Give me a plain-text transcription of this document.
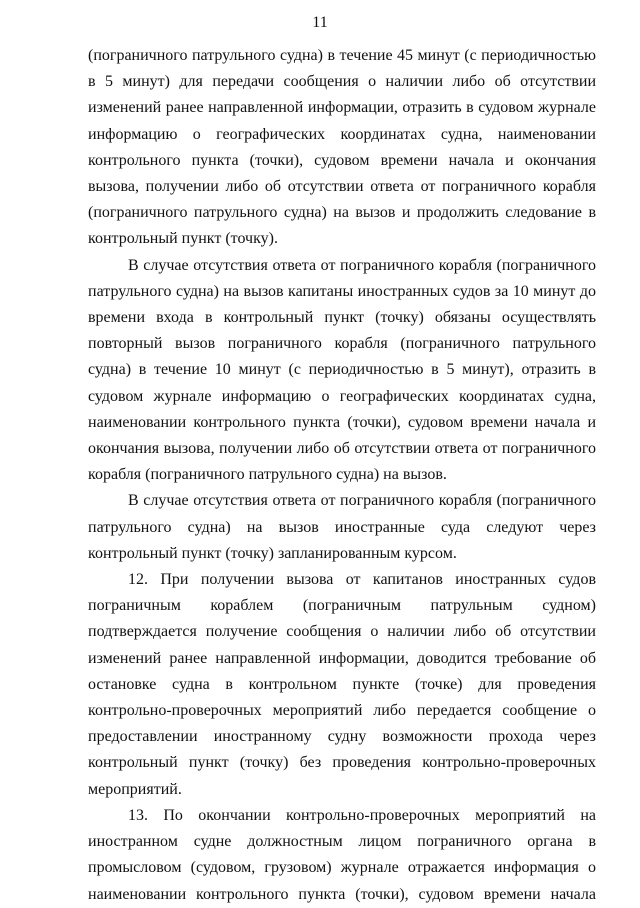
11

(пограничного патрульного судна) в течение 45 минут (с периодичностью в 5 минут) для передачи сообщения о наличии либо об отсутствии изменений ранее направленной информации, отразить в судовом журнале информацию о географических координатах судна, наименовании контрольного пункта (точки), судовом времени начала и окончания вызова, получении либо об отсутствии ответа от пограничного корабля (пограничного патрульного судна) на вызов и продолжить следование в контрольный пункт (точку).

В случае отсутствия ответа от пограничного корабля (пограничного патрульного судна) на вызов капитаны иностранных судов за 10 минут до времени входа в контрольный пункт (точку) обязаны осуществлять повторный вызов пограничного корабля (пограничного патрульного судна) в течение 10 минут (с периодичностью в 5 минут), отразить в судовом журнале информацию о географических координатах судна, наименовании контрольного пункта (точки), судовом времени начала и окончания вызова, получении либо об отсутствии ответа от пограничного корабля (пограничного патрульного судна) на вызов.

В случае отсутствия ответа от пограничного корабля (пограничного патрульного судна) на вызов иностранные суда следуют через контрольный пункт (точку) запланированным курсом.

12. При получении вызова от капитанов иностранных судов пограничным кораблем (пограничным патрульным судном) подтверждается получение сообщения о наличии либо об отсутствии изменений ранее направленной информации, доводится требование об остановке судна в контрольном пункте (точке) для проведения контрольно-проверочных мероприятий либо передается сообщение о предоставлении иностранному судну возможности прохода через контрольный пункт (точку) без проведения контрольно-проверочных мероприятий.

13. По окончании контрольно-проверочных мероприятий на иностранном судне должностным лицом пограничного органа в промысловом (судовом, грузовом) журнале отражается информация о наименовании контрольного пункта (точки), судовом времени начала
